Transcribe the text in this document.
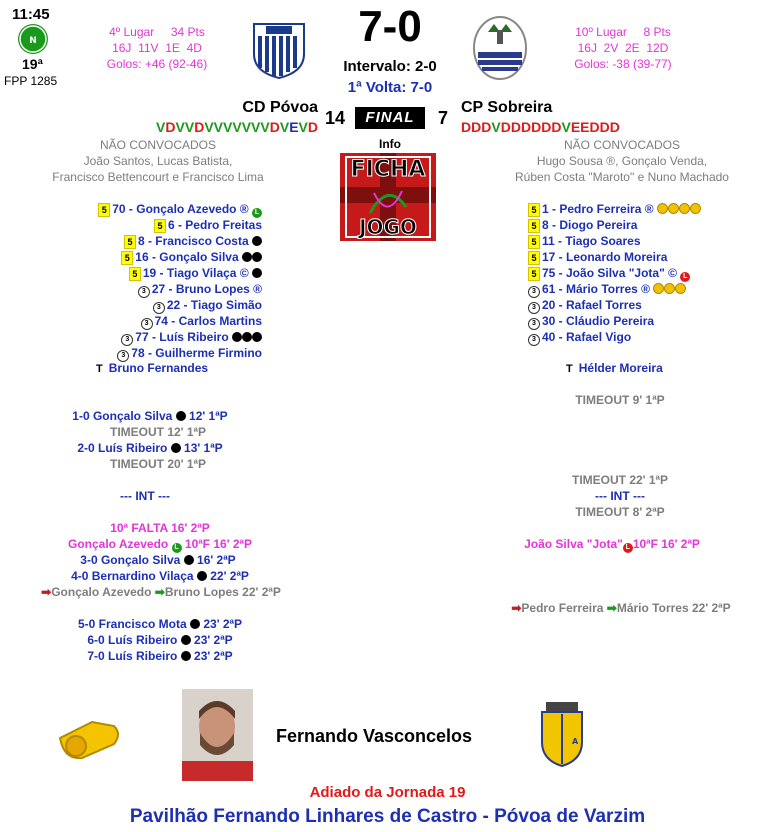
11:45
N
19ª
FPP 1285
4º Lugar     34 Pts
16J  11V  1E  4D
Golos: +46 (92-46)
7-0
Intervalo: 2-0
1ª Volta: 7-0
10º Lugar     8 Pts
16J  2V  2E  12D
Golos: -38 (39-77)
CD Póvoa	CP Sobreira
VDVVDVVVVVVVDVEVD 14	FINAL	7 DDDVDDDDDDVEEDDD
Info
FICHA
JOGO
NÃO CONVOCADOS
João Santos, Lucas Batista,
Francisco Bettencourt e Francisco Lima
NÃO CONVOCADOS
Hugo Sousa ®, Gonçalo Venda,
Rúben Costa "Maroto" e Nuno Machado
5 70 - Gonçalo Azevedo ® L
5 6 - Pedro Freitas
5 8 - Francisco Costa
5 16 - Gonçalo Silva
5 19 - Tiago Vilaça ©
3 27 - Bruno Lopes ®
3 22 - Tiago Simão
3 74 - Carlos Martins
3 77 - Luís Ribeiro
3 78 - Guilherme Firmino
T Bruno Fernandes
5 1 - Pedro Ferreira ®
5 8 - Diogo Pereira
5 11 - Tiago Soares
5 17 - Leonardo Moreira
5 75 - João Silva "Jota" © L
3 61 - Mário Torres ®
3 20 - Rafael Torres
3 30 - Cláudio Pereira
3 40 - Rafael Vigo
T Hélder Moreira
1-0 Gonçalo Silva  12' 1ªP
TIMEOUT 12' 1ªP
2-0 Luís Ribeiro  13' 1ªP
TIMEOUT 20' 1ªP
--- INT ---
10ª FALTA 16' 2ªP
Gonçalo Azevedo L 10ªF 16' 2ªP
3-0 Gonçalo Silva  16' 2ªP
4-0 Bernardino Vilaça  22' 2ªP
➡Gonçalo Azevedo ➡Bruno Lopes 22' 2ªP
5-0 Francisco Mota  23' 2ªP
6-0 Luís Ribeiro  23' 2ªP
7-0 Luís Ribeiro  23' 2ªP
TIMEOUT 9' 1ªP
TIMEOUT 22' 1ªP
--- INT ---
TIMEOUT 8' 2ªP
João Silva "Jota" L 10ªF 16' 2ªP
➡Pedro Ferreira ➡Mário Torres 22' 2ªP
Fernando Vasconcelos	A
Adiado da Jornada 19
Pavilhão Fernando Linhares de Castro - Póvoa de Varzim
